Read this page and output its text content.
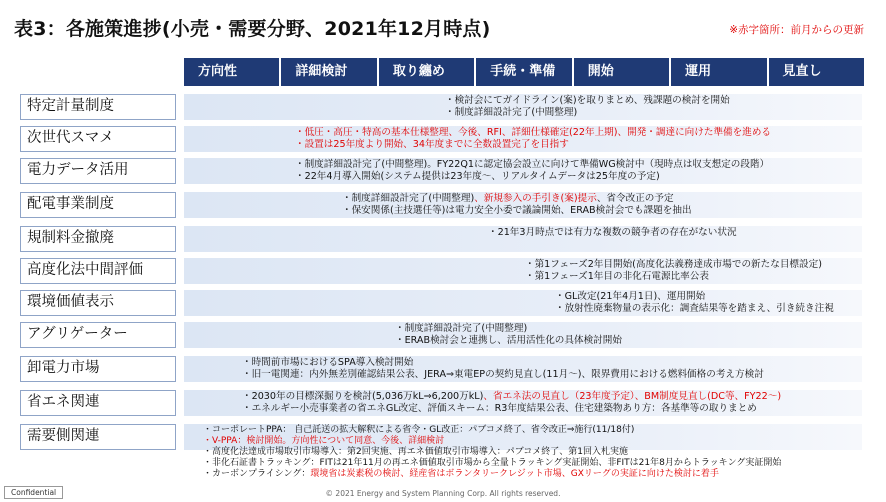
表3：各施策進捗(小売・需要分野、2021年12月時点)	※赤字箇所：前月からの更新
方向性	詳細検討	取り纏め	手続・準備	開始	運用	見直し
特定計量制度	・検討会にてガイドライン(案)を取りまとめ、残課題の検討を開始
・制度詳細設計完了(中間整理)
次世代スマメ	・低圧・高圧・特高の基本仕様整理、今後、RFI、詳細仕様確定(22年上期)、開発・調達に向けた準備を進める
・設置は25年度より開始、34年度までに全数設置完了を目指す
電力データ活用	・制度詳細設計完了(中間整理)。FY22Q1に認定協会設立に向けて準備WG検討中（現時点は収支想定の段階）
・22年4月導入開始(システム提供は23年度～、リアルタイムデータは25年度の予定)
配電事業制度	・制度詳細設計完了(中間整理)、新規参入の手引き(案)提示、省令改正の予定
・保安関係(主技選任等)は電力安全小委で議論開始、ERAB検討会でも課題を抽出
規制料金撤廃	・21年3月時点では有力な複数の競争者の存在がない状況
高度化法中間評価	・第1フェーズ2年目開始(高度化法義務達成市場での新たな目標設定)
・第1フェーズ1年目の非化石電源比率公表
環境価値表示	・GL改定(21年4月1日)、運用開始
・放射性廃棄物量の表示化：調査結果等を踏まえ、引き続き注視
アグリゲーター	・制度詳細設計完了(中間整理)
・ERAB検討会と連携し、活用活性化の具体検討開始
卸電力市場	・時間前市場におけるSPA導入検討開始
・旧一電関連：内外無差別確認結果公表、JERA⇒東電EPの契約見直し(11月～)、限界費用における燃料価格の考え方検討
省エネ関連	・2030年の目標深掘りを検討(5,036万kL⇒6,200万kL)、省エネ法の見直し（23年度予定）、BM制度見直し(DC等、FY22～)
・エネルギー小売事業者の省エネGL改定、評価スキーム：R3年度結果公表、住宅建築物あり方：各基準等の取りまとめ
需要側関連	・コーポレートPPA： 自己託送の拡大解釈による省令・GL改正：パブコメ終了、省令改正⇒施行(11/18付)
・V-PPA：検討開始。方向性について同意、今後、詳細検討
・高度化法達成市場取引市場導入：第2回実施、再エネ価値取引市場導入：パブコメ終了、第1回入札実施
・非化石証書トラッキング：FITは21年11月の再エネ価値取引市場から全量トラッキング実証開始、非FITは21年8月からトラッキング実証開始
・カーボンプライシング：環境省は炭素税の検討、経産省はボランタリークレジット市場、GXリーグの実証に向けた検討に着手
Confidential	© 2021 Energy and System Planning Corp. All rights reserved.
